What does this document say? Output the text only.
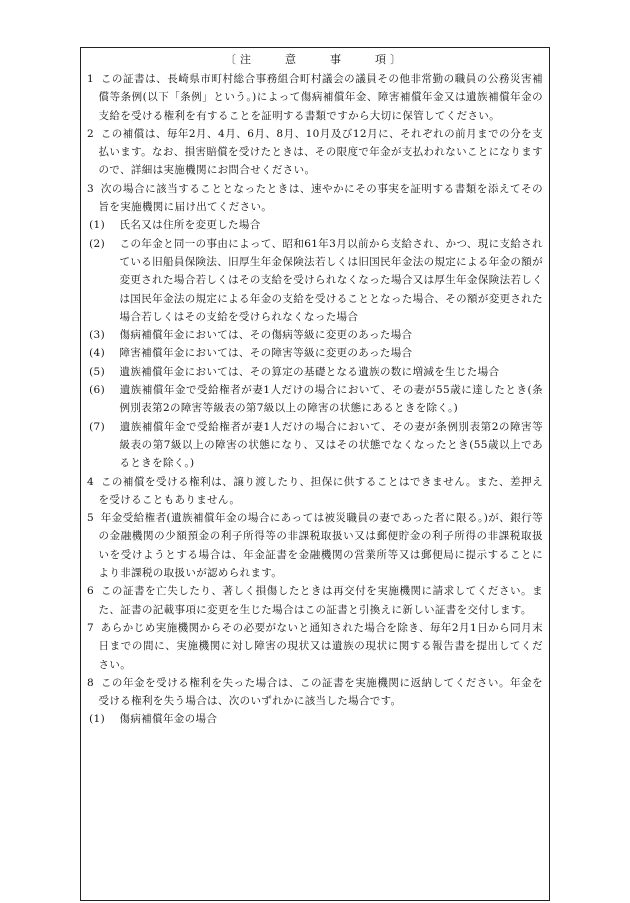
〔注　　意　　事　　項〕

1 この証書は、長崎県市町村総合事務組合町村議会の議員その他非常勤の職員の公務災害補償等条例(以下「条例」という。)によって傷病補償年金、障害補償年金又は遺族補償年金の支給を受ける権利を有することを証明する書類ですから大切に保管してください。

2 この補償は、毎年2月、4月、6月、8月、10月及び12月に、それぞれの前月までの分を支払います。なお、損害賠償を受けたときは、その限度で年金が支払われないことになりますので、詳細は実施機関にお問合せください。

3 次の場合に該当することとなったときは、速やかにその事実を証明する書類を添えてその旨を実施機関に届け出てください。

(1) 氏名又は住所を変更した場合

(2) この年金と同一の事由によって、昭和61年3月以前から支給され、かつ、現に支給されている旧船員保険法、旧厚生年金保険法若しくは旧国民年金法の規定による年金の額が変更された場合若しくはその支給を受けられなくなった場合又は厚生年金保険法若しくは国民年金法の規定による年金の支給を受けることとなった場合、その額が変更された場合若しくはその支給を受けられなくなった場合

(3) 傷病補償年金においては、その傷病等級に変更のあった場合

(4) 障害補償年金においては、その障害等級に変更のあった場合

(5) 遺族補償年金においては、その算定の基礎となる遺族の数に増減を生じた場合

(6) 遺族補償年金で受給権者が妻1人だけの場合において、その妻が55歳に達したとき(条例別表第2の障害等級表の第7級以上の障害の状態にあるときを除く。)

(7) 遺族補償年金で受給権者が妻1人だけの場合において、その妻が条例別表第2の障害等級表の第7級以上の障害の状態になり、又はその状態でなくなったとき(55歳以上であるときを除く。)

4 この補償を受ける権利は、譲り渡したり、担保に供することはできません。また、差押えを受けることもありません。

5 年金受給権者(遺族補償年金の場合にあっては被災職員の妻であった者に限る。)が、銀行等の金融機関の少額預金の利子所得等の非課税取扱い又は郵便貯金の利子所得の非課税取扱いを受けようとする場合は、年金証書を金融機関の営業所等又は郵便局に提示することにより非課税の取扱いが認められます。

6 この証書を亡失したり、著しく損傷したときは再交付を実施機関に請求してください。また、証書の記載事項に変更を生じた場合はこの証書と引換えに新しい証書を交付します。

7 あらかじめ実施機関からその必要がないと通知された場合を除き、毎年2月1日から同月末日までの間に、実施機関に対し障害の現状又は遺族の現状に関する報告書を提出してください。

8 この年金を受ける権利を失った場合は、この証書を実施機関に返納してください。年金を受ける権利を失う場合は、次のいずれかに該当した場合です。

(1) 傷病補償年金の場合
